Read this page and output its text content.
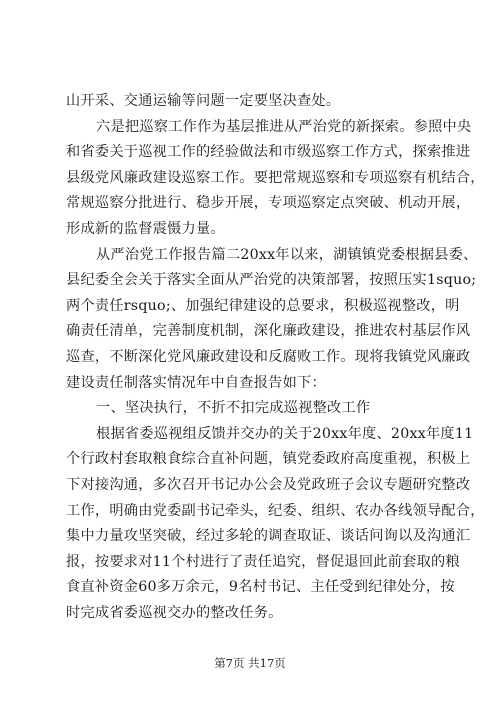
山开采、交通运输等问题一定要坚决查处。
六是把巡察工作作为基层推进从严治党的新探索。参照中央
和省委关于巡视工作的经验做法和市级巡察工作方式，探索推进
县级党风廉政建设巡察工作。要把常规巡察和专项巡察有机结合，
常规巡察分批进行、稳步开展，专项巡察定点突破、机动开展，
形成新的监督震慑力量。
从严治党工作报告篇二20xx年以来，湖镇镇党委根据县委、
县纪委全会关于落实全面从严治党的决策部署，按照压实1squo;
两个责任rsquo;、加强纪律建设的总要求，积极巡视整改，明
确责任清单，完善制度机制，深化廉政建设，推进农村基层作风
巡查，不断深化党风廉政建设和反腐败工作。现将我镇党风廉政
建设责任制落实情况年中自查报告如下：
一、坚决执行，不折不扣完成巡视整改工作
根据省委巡视组反馈并交办的关于20xx年度、20xx年度11
个行政村套取粮食综合直补问题，镇党委政府高度重视，积极上
下对接沟通，多次召开书记办公会及党政班子会议专题研究整改
工作，明确由党委副书记牵头，纪委、组织、农办各线领导配合，
集中力量攻坚突破，经过多轮的调查取证、谈话问询以及沟通汇
报，按要求对11个村进行了责任追究，督促退回此前套取的粮
食直补资金60多万余元，9名村书记、主任受到纪律处分，按
时完成省委巡视交办的整改任务。
第7页 共17页
